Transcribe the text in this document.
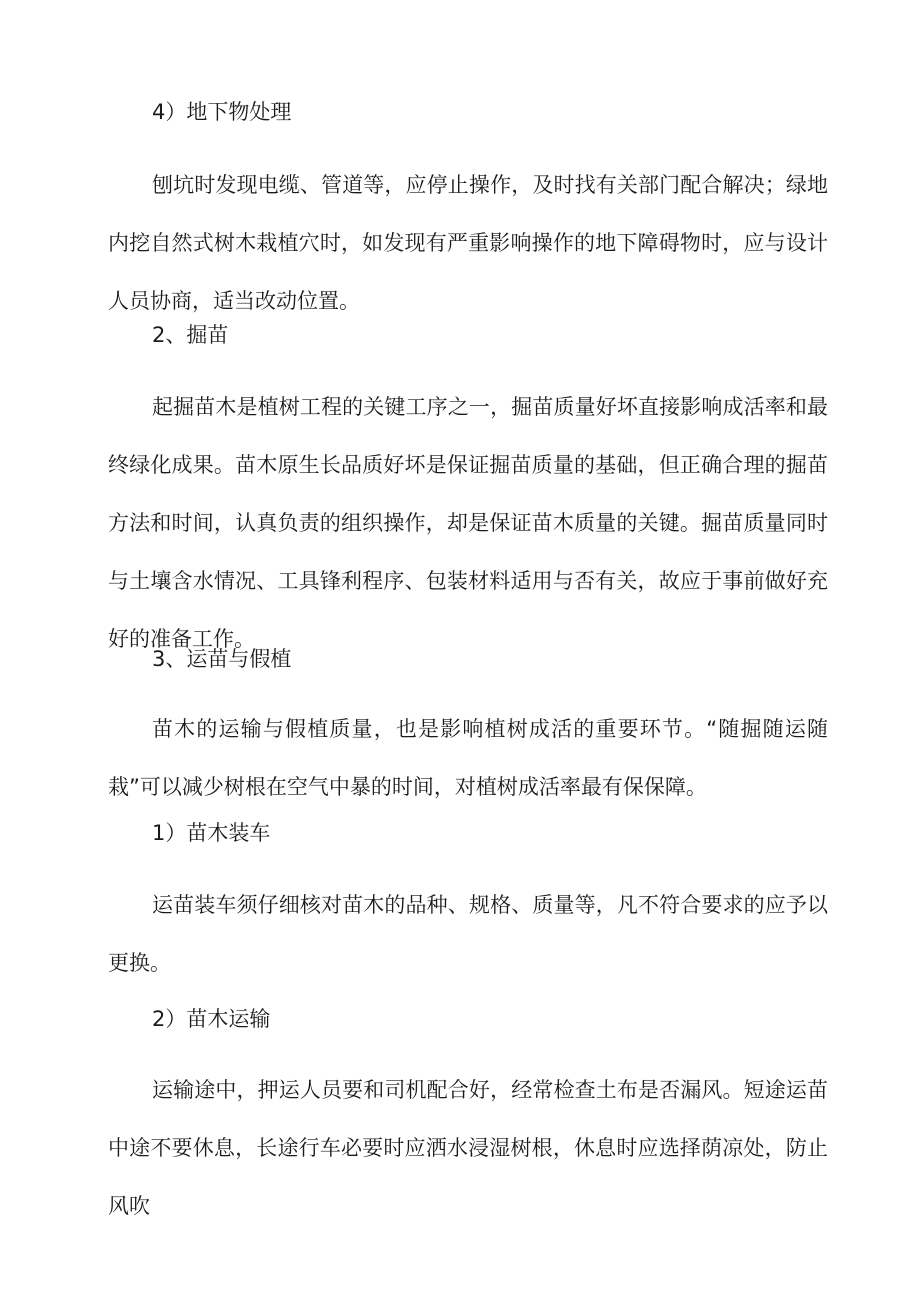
4）地下物处理
刨坑时发现电缆、管道等，应停止操作，及时找有关部门配合解决；绿地内挖自然式树木栽植穴时，如发现有严重影响操作的地下障碍物时，应与设计人员协商，适当改动位置。
2、掘苗
起掘苗木是植树工程的关键工序之一，掘苗质量好坏直接影响成活率和最终绿化成果。苗木原生长品质好坏是保证掘苗质量的基础，但正确合理的掘苗方法和时间，认真负责的组织操作，却是保证苗木质量的关键。掘苗质量同时与土壤含水情况、工具锋利程序、包装材料适用与否有关，故应于事前做好充好的准备工作。
3、运苗与假植
苗木的运输与假植质量，也是影响植树成活的重要环节。“随掘随运随栽”可以减少树根在空气中暴的时间，对植树成活率最有保保障。
1）苗木装车
运苗装车须仔细核对苗木的品种、规格、质量等，凡不符合要求的应予以更换。
2）苗木运输
运输途中，押运人员要和司机配合好，经常检查土布是否漏风。短途运苗中途不要休息，长途行车必要时应洒水浸湿树根，休息时应选择荫凉处，防止风吹
